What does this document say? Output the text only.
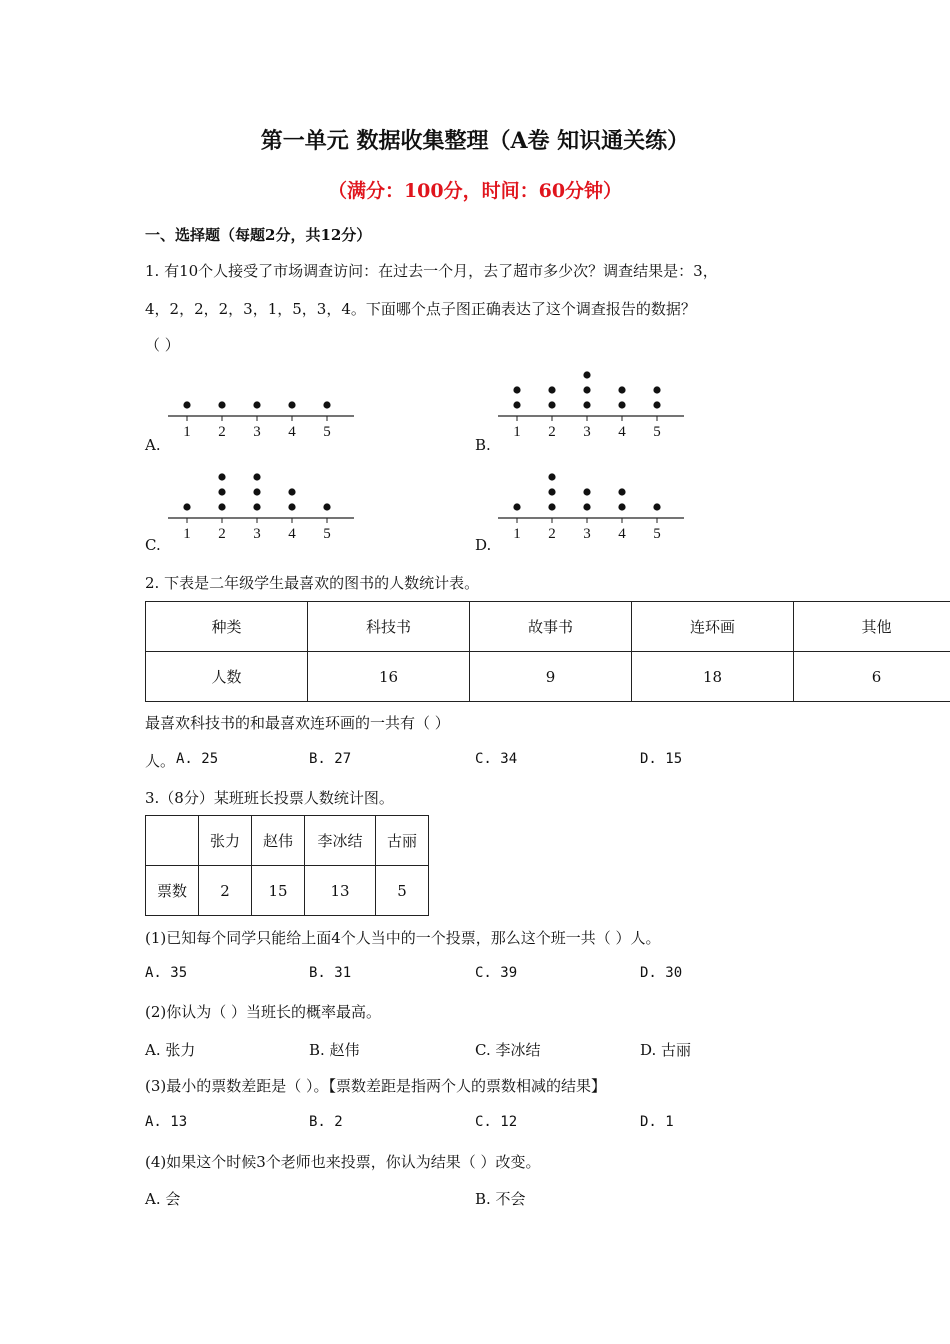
第一单元 数据收集整理（A卷 知识通关练）
（满分：100分，时间：60分钟）
一、选择题（每题2分，共12分）
1. 有10个人接受了市场调查访问：在过去一个月，去了超市多少次？调查结果是：3，
4，2，2，2，3，1，5，3，4。下面哪个点子图正确表达了这个调查报告的数据？
（ ）
1 2 3 4 5
A.
1 2 3 4 5
B.
1 2 3 4 5
C.
1 2 3 4 5
D.
2. 下表是二年级学生最喜欢的图书的人数统计表。
种类	科技书	故事书	连环画	其他
人数	16	9	18	6
最喜欢科技书的和最喜欢连环画的一共有（ ）
人。 A. 25	B. 27	C. 34	D. 15
3.（8分）某班班长投票人数统计图。
	张力	赵伟	李冰结	古丽
票数	2	15	13	5
(1)已知每个同学只能给上面4个人当中的一个投票，那么这个班一共（ ）人。
A. 35	B. 31	C. 39	D. 30
(2)你认为（ ）当班长的概率最高。
A. 张力	B. 赵伟	C. 李冰结	D. 古丽
(3)最小的票数差距是（ ）。【票数差距是指两个人的票数相减的结果】
A. 13	B. 2	C. 12	D. 1
(4)如果这个时候3个老师也来投票，你认为结果（ ）改变。
A. 会	B. 不会
